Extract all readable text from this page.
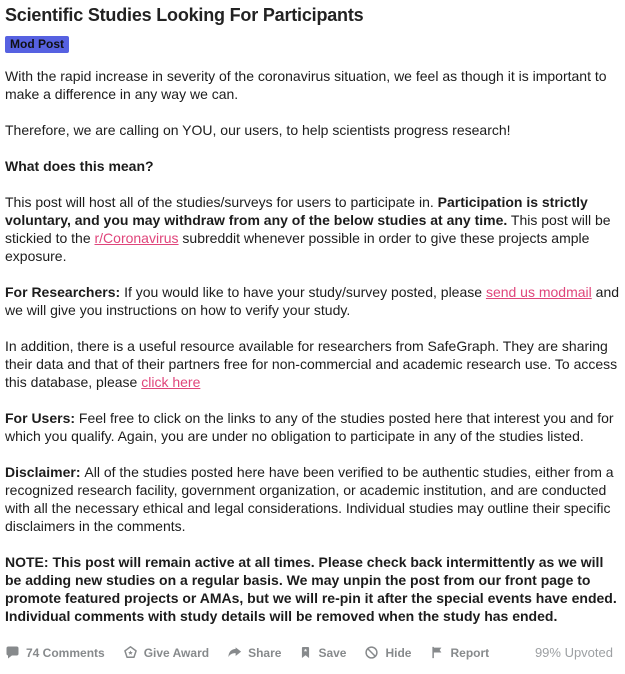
Scientific Studies Looking For Participants
Mod Post

With the rapid increase in severity of the coronavirus situation, we feel as though it is important to make a difference in any way we can.

Therefore, we are calling on YOU, our users, to help scientists progress research!

What does this mean?

This post will host all of the studies/surveys for users to participate in. Participation is strictly voluntary, and you may withdraw from any of the below studies at any time. This post will be stickied to the r/Coronavirus subreddit whenever possible in order to give these projects ample exposure.

For Researchers: If you would like to have your study/survey posted, please send us modmail and we will give you instructions on how to verify your study.

In addition, there is a useful resource available for researchers from SafeGraph. They are sharing their data and that of their partners free for non-commercial and academic research use. To access this database, please click here

For Users: Feel free to click on the links to any of the studies posted here that interest you and for which you qualify. Again, you are under no obligation to participate in any of the studies listed.

Disclaimer: All of the studies posted here have been verified to be authentic studies, either from a recognized research facility, government organization, or academic institution, and are conducted with all the necessary ethical and legal considerations. Individual studies may outline their specific disclaimers in the comments.

NOTE: This post will remain active at all times. Please check back intermittently as we will be adding new studies on a regular basis. We may unpin the post from our front page to promote featured projects or AMAs, but we will re-pin it after the special events have ended. Individual comments with study details will be removed when the study has ended.

74 Comments	Give Award	Share	Save	Hide	Report	99% Upvoted
